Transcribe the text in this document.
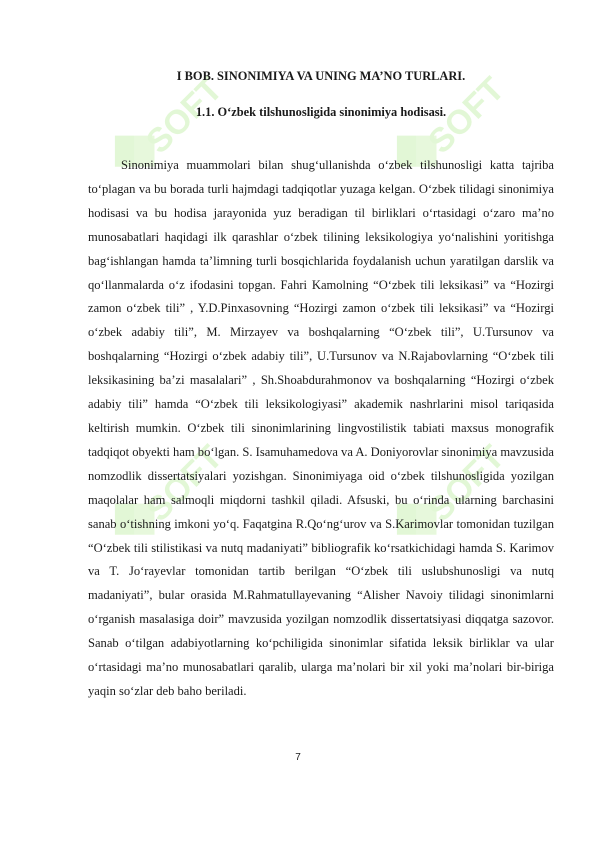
SOFT	SOFT
SOFT	SOFT
I BOB. SINONIMIYA VA UNING MA’NO TURLARI.
1.1. O‘zbek tilshunosligida sinonimiya hodisasi.

Sinonimiya muammolari bilan shug‘ullanishda o‘zbek tilshunosligi katta tajriba to‘plagan va bu borada turli hajmdagi tadqiqotlar yuzaga kelgan. O‘zbek tilidagi sinonimiya hodisasi va bu hodisa jarayonida yuz beradigan til birliklari o‘rtasidagi o‘zaro ma’no munosabatlari haqidagi ilk qarashlar o‘zbek tilining leksikologiya yo‘nalishini yoritishga bag‘ishlangan hamda ta’limning turli bosqichlarida foydalanish uchun yaratilgan darslik va qo‘llanmalarda o‘z ifodasini topgan. Fahri Kamolning “O‘zbek tili leksikasi” va “Hozirgi zamon o‘zbek tili” , Y.D.Pinxasovning “Hozirgi zamon o‘zbek tili leksikasi” va “Hozirgi o‘zbek adabiy tili”, M. Mirzayev va boshqalarning “O‘zbek tili”, U.Tursunov va boshqalarning “Hozirgi o‘zbek adabiy tili”, U.Tursunov va N.Rajabovlarning “O‘zbek tili leksikasining ba’zi masalalari” , Sh.Shoabdurahmonov va boshqalarning “Hozirgi o‘zbek adabiy tili” hamda “O‘zbek tili leksikologiyasi” akademik nashrlarini misol tariqasida keltirish mumkin. O‘zbek tili sinonimlarining lingvostilistik tabiati maxsus monografik tadqiqot obyekti ham bo‘lgan. S. Isamuhamedova va A. Doniyorovlar sinonimiya mavzusida nomzodlik dissertatsiyalari yozishgan. Sinonimiyaga oid o‘zbek tilshunosligida yozilgan maqolalar ham salmoqli miqdorni tashkil qiladi. Afsuski, bu o‘rinda ularning barchasini sanab o‘tishning imkoni yo‘q. Faqatgina R.Qo‘ng‘urov va S.Karimovlar tomonidan tuzilgan “O‘zbek tili stilistikasi va nutq madaniyati” bibliografik ko‘rsatkichidagi hamda S. Karimov va T. Jo‘rayevlar tomonidan tartib berilgan “O‘zbek tili uslubshunosligi va nutq madaniyati”, bular orasida M.Rahmatullayevaning “Alisher Navoiy tilidagi sinonimlarni o‘rganish masalasiga doir” mavzusida yozilgan nomzodlik dissertatsiyasi diqqatga sazovor. Sanab o‘tilgan adabiyotlarning ko‘pchiligida sinonimlar sifatida leksik birliklar va ular o‘rtasidagi ma’no munosabatlari qaralib, ularga ma’nolari bir xil yoki ma’nolari bir-biriga yaqin so‘zlar deb baho beriladi.

7
